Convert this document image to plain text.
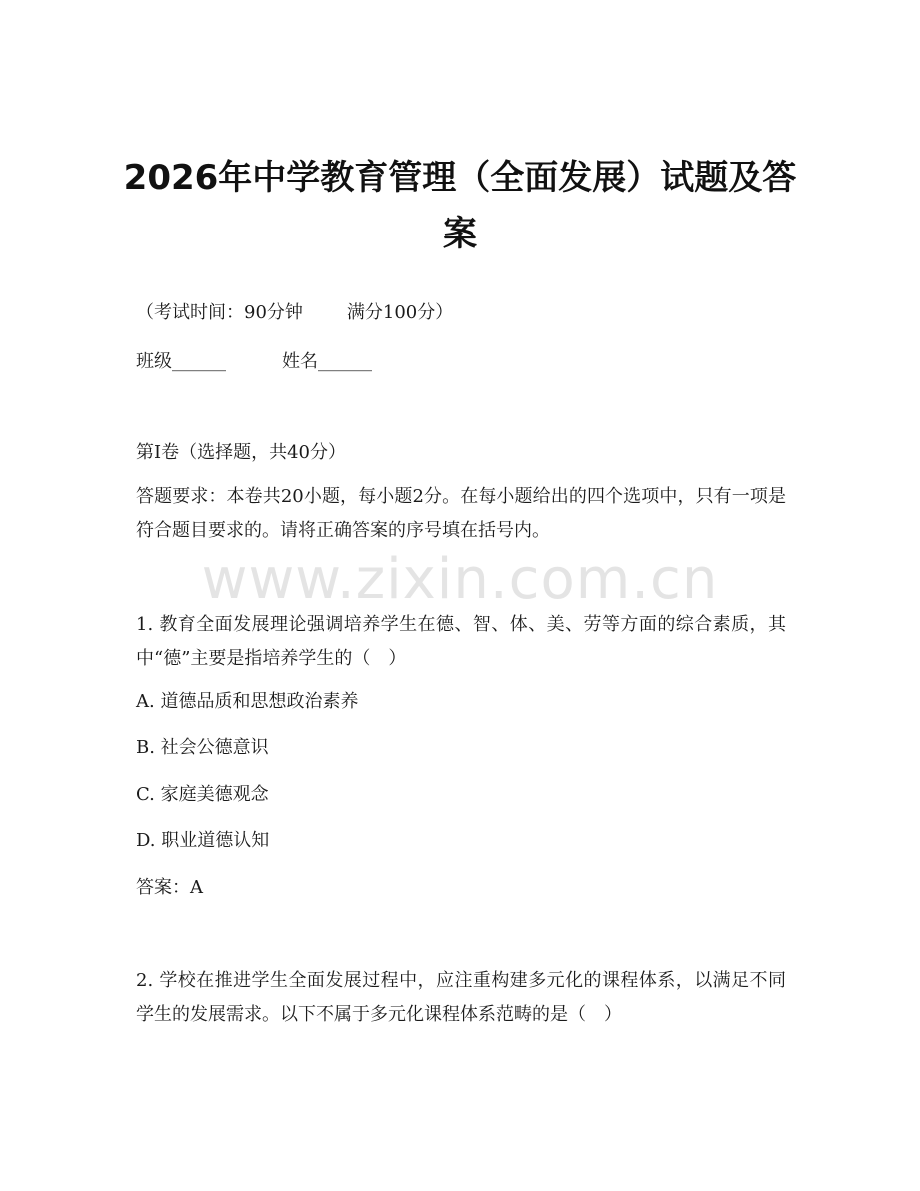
2026年中学教育管理（全面发展）试题及答案
（考试时间：90分钟 满分100分）
班级______	姓名______
第I卷（选择题，共40分）
答题要求：本卷共20小题，每小题2分。在每小题给出的四个选项中，只有一项是符合题目要求的。请将正确答案的序号填在括号内。
www.zixin.com.cn
1. 教育全面发展理论强调培养学生在德、智、体、美、劳等方面的综合素质，其中“德”主要是指培养学生的（　）
A. 道德品质和思想政治素养
B. 社会公德意识
C. 家庭美德观念
D. 职业道德认知
答案：A
2. 学校在推进学生全面发展过程中，应注重构建多元化的课程体系，以满足不同学生的发展需求。以下不属于多元化课程体系范畴的是（　）
